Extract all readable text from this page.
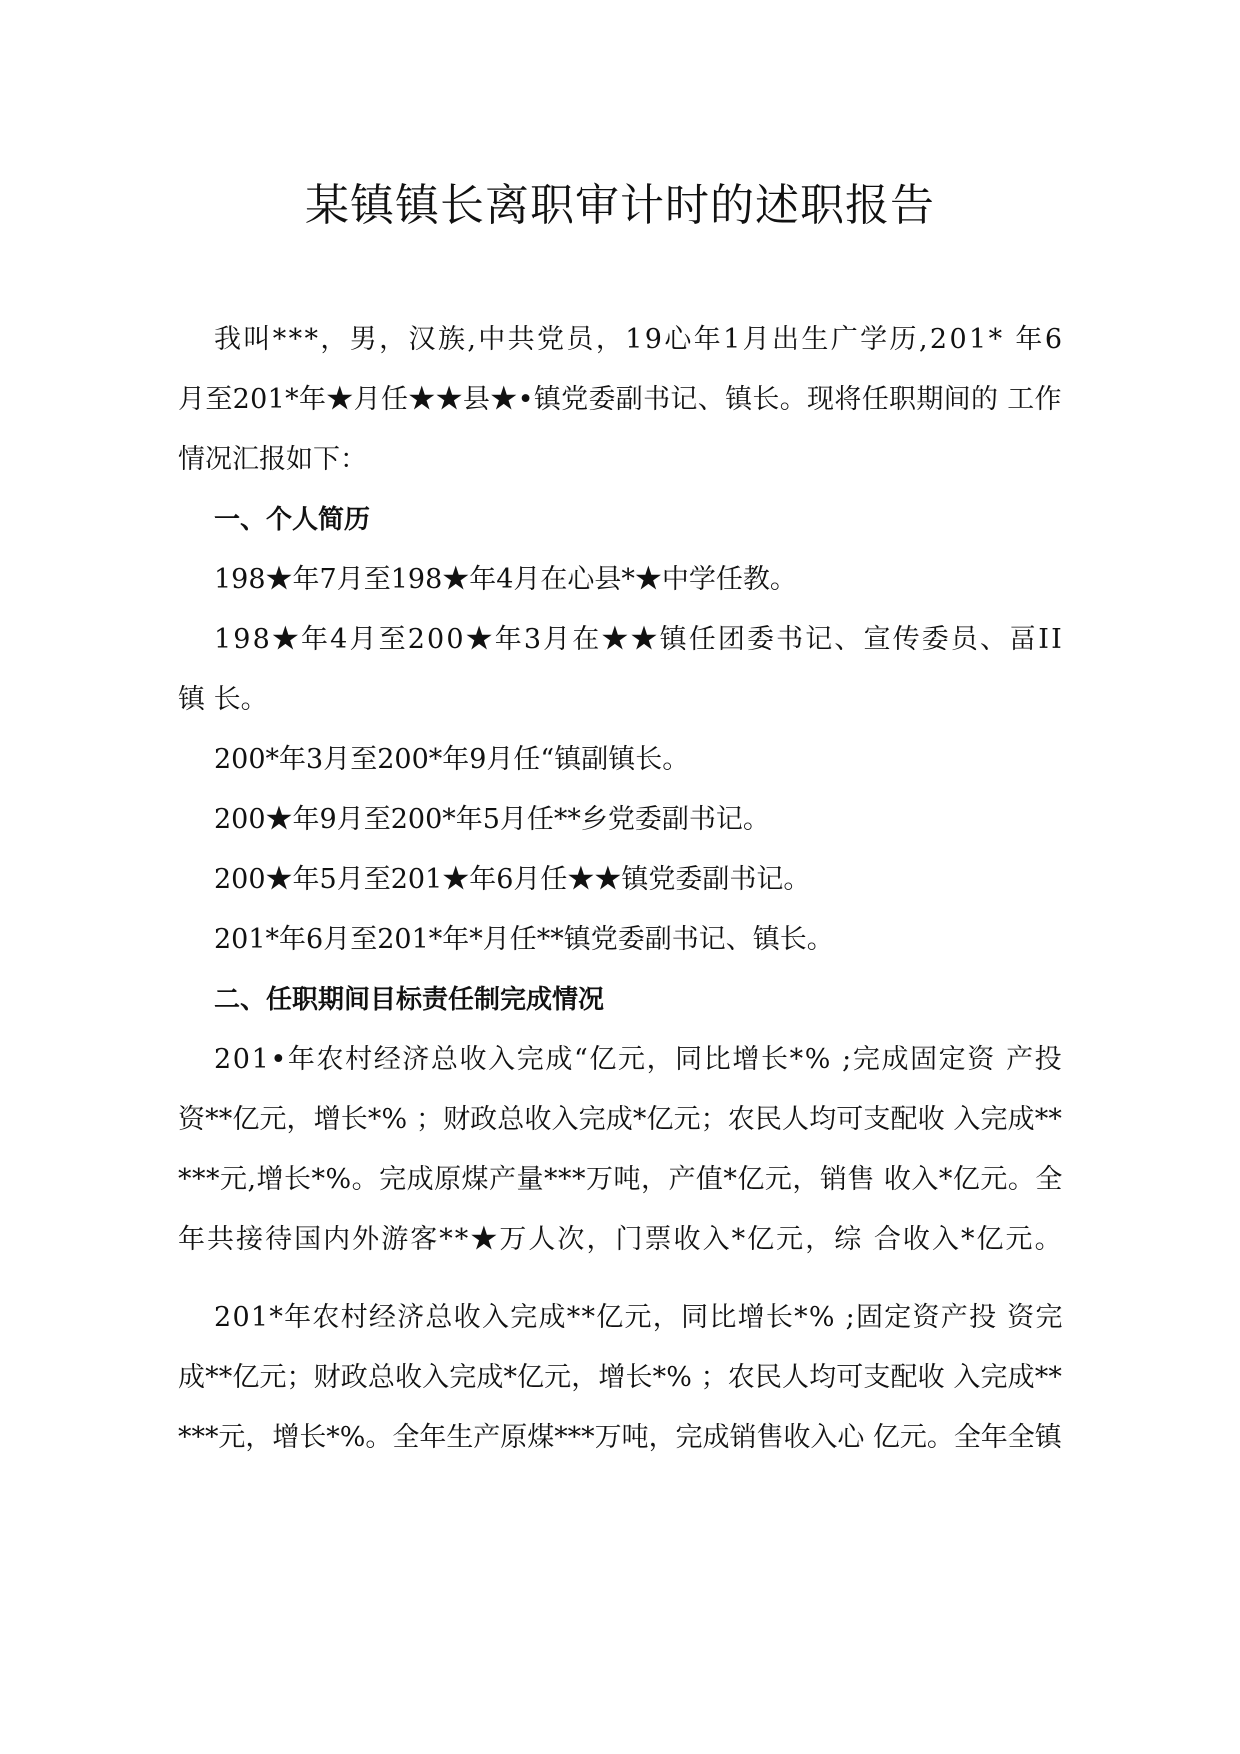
某镇镇长离职审计时的述职报告
我叫***，男，汉族,中共党员，19心年1月出生广学历,201* 年6
月至201*年★月任★★县★•镇党委副书记、镇长。现将任职期间的 工作
情况汇报如下：
一、个人简历
198★年7月至198★年4月在心县*★中学任教。
198★年4月至200★年3月在★★镇任团委书记、宣传委员、畐II
镇 长。
200*年3月至200*年9月任“镇副镇长。
200★年9月至200*年5月任**乡党委副书记。
200★年5月至201★年6月任★★镇党委副书记。
201*年6月至201*年*月任**镇党委副书记、镇长。
二、任职期间目标责任制完成情况
201•年农村经济总收入完成“亿元，同比增长*% ;完成固定资 产投
资**亿元，增长*% ；财政总收入完成*亿元；农民人均可支配收 入完成**
***元,增长*%。完成原煤产量***万吨，产值*亿元，销售 收入*亿元。全
年共接待国内外游客**★万人次，门票收入*亿元，综 合收入*亿元。
201*年农村经济总收入完成**亿元，同比增长*% ;固定资产投 资完
成**亿元；财政总收入完成*亿元，增长*% ；农民人均可支配收 入完成**
***元，增长*%。全年生产原煤***万吨，完成销售收入心 亿元。全年全镇
